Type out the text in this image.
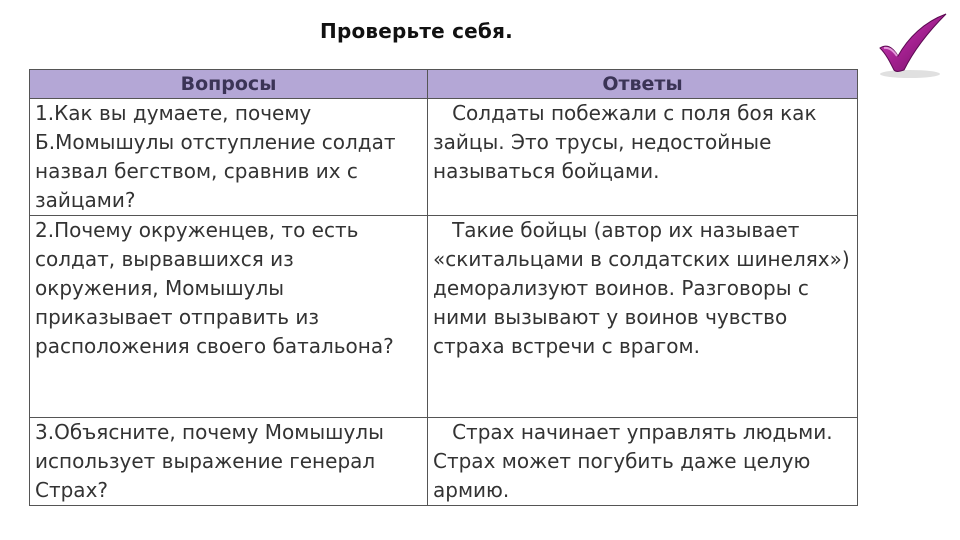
Проверьте себя.
Вопросы	Ответы
1.Как вы думаете, почему Б.Момышулы отступление солдат назвал бегством, сравнив их с зайцами?	Солдаты побежали с поля боя как зайцы. Это трусы, недостойные называться бойцами.
2.Почему окруженцев, то есть солдат, вырвавшихся из окружения, Момышулы приказывает отправить из расположения своего батальона?	Такие бойцы (автор их называет «скитальцами в солдатских шинелях») деморализуют воинов. Разговоры с ними вызывают у воинов чувство страха встречи с врагом.
3.Объясните, почему Момышулы использует выражение генерал Страх?	Страх начинает управлять людьми. Страх может погубить даже целую армию.
